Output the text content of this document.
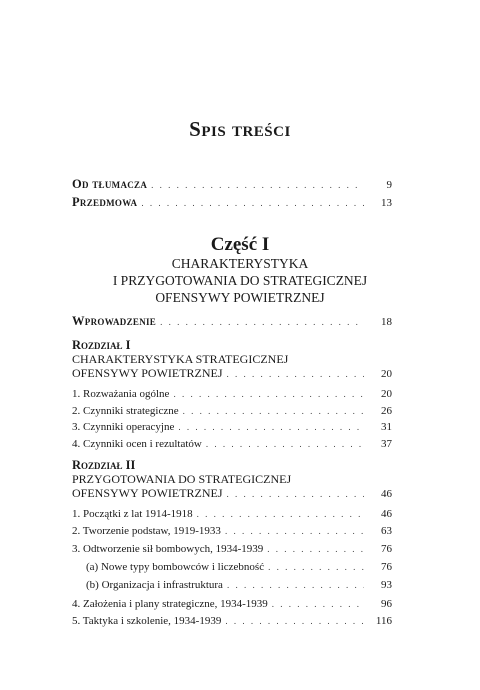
Spis treści
Od tłumacza . . .	9
Przedmowa . . .	13
Część I
CHARAKTERYSTYKA
I PRZYGOTOWANIA DO STRATEGICZNEJ
OFENSYWY POWIETRZNEJ
Wprowadzenie . . .	18
Rozdział I
CHARAKTERYSTYKA STRATEGICZNEJ
OFENSYWY POWIETRZNEJ . . .	20
1. Rozważania ogólne . . .	20
2. Czynniki strategiczne . . .	26
3. Czynniki operacyjne . . .	31
4. Czynniki ocen i rezultatów . . .	37
Rozdział II
PRZYGOTOWANIA DO STRATEGICZNEJ
OFENSYWY POWIETRZNEJ . . .	46
1. Początki z lat 1914-1918 . . .	46
2. Tworzenie podstaw, 1919-1933 . . .	63
3. Odtworzenie sił bombowych, 1934-1939 . . .	76
(a) Nowe typy bombowców i liczebność . . .	76
(b) Organizacja i infrastruktura . . .	93
4. Założenia i plany strategiczne, 1934-1939 . . .	96
5. Taktyka i szkolenie, 1934-1939 . . .	116
